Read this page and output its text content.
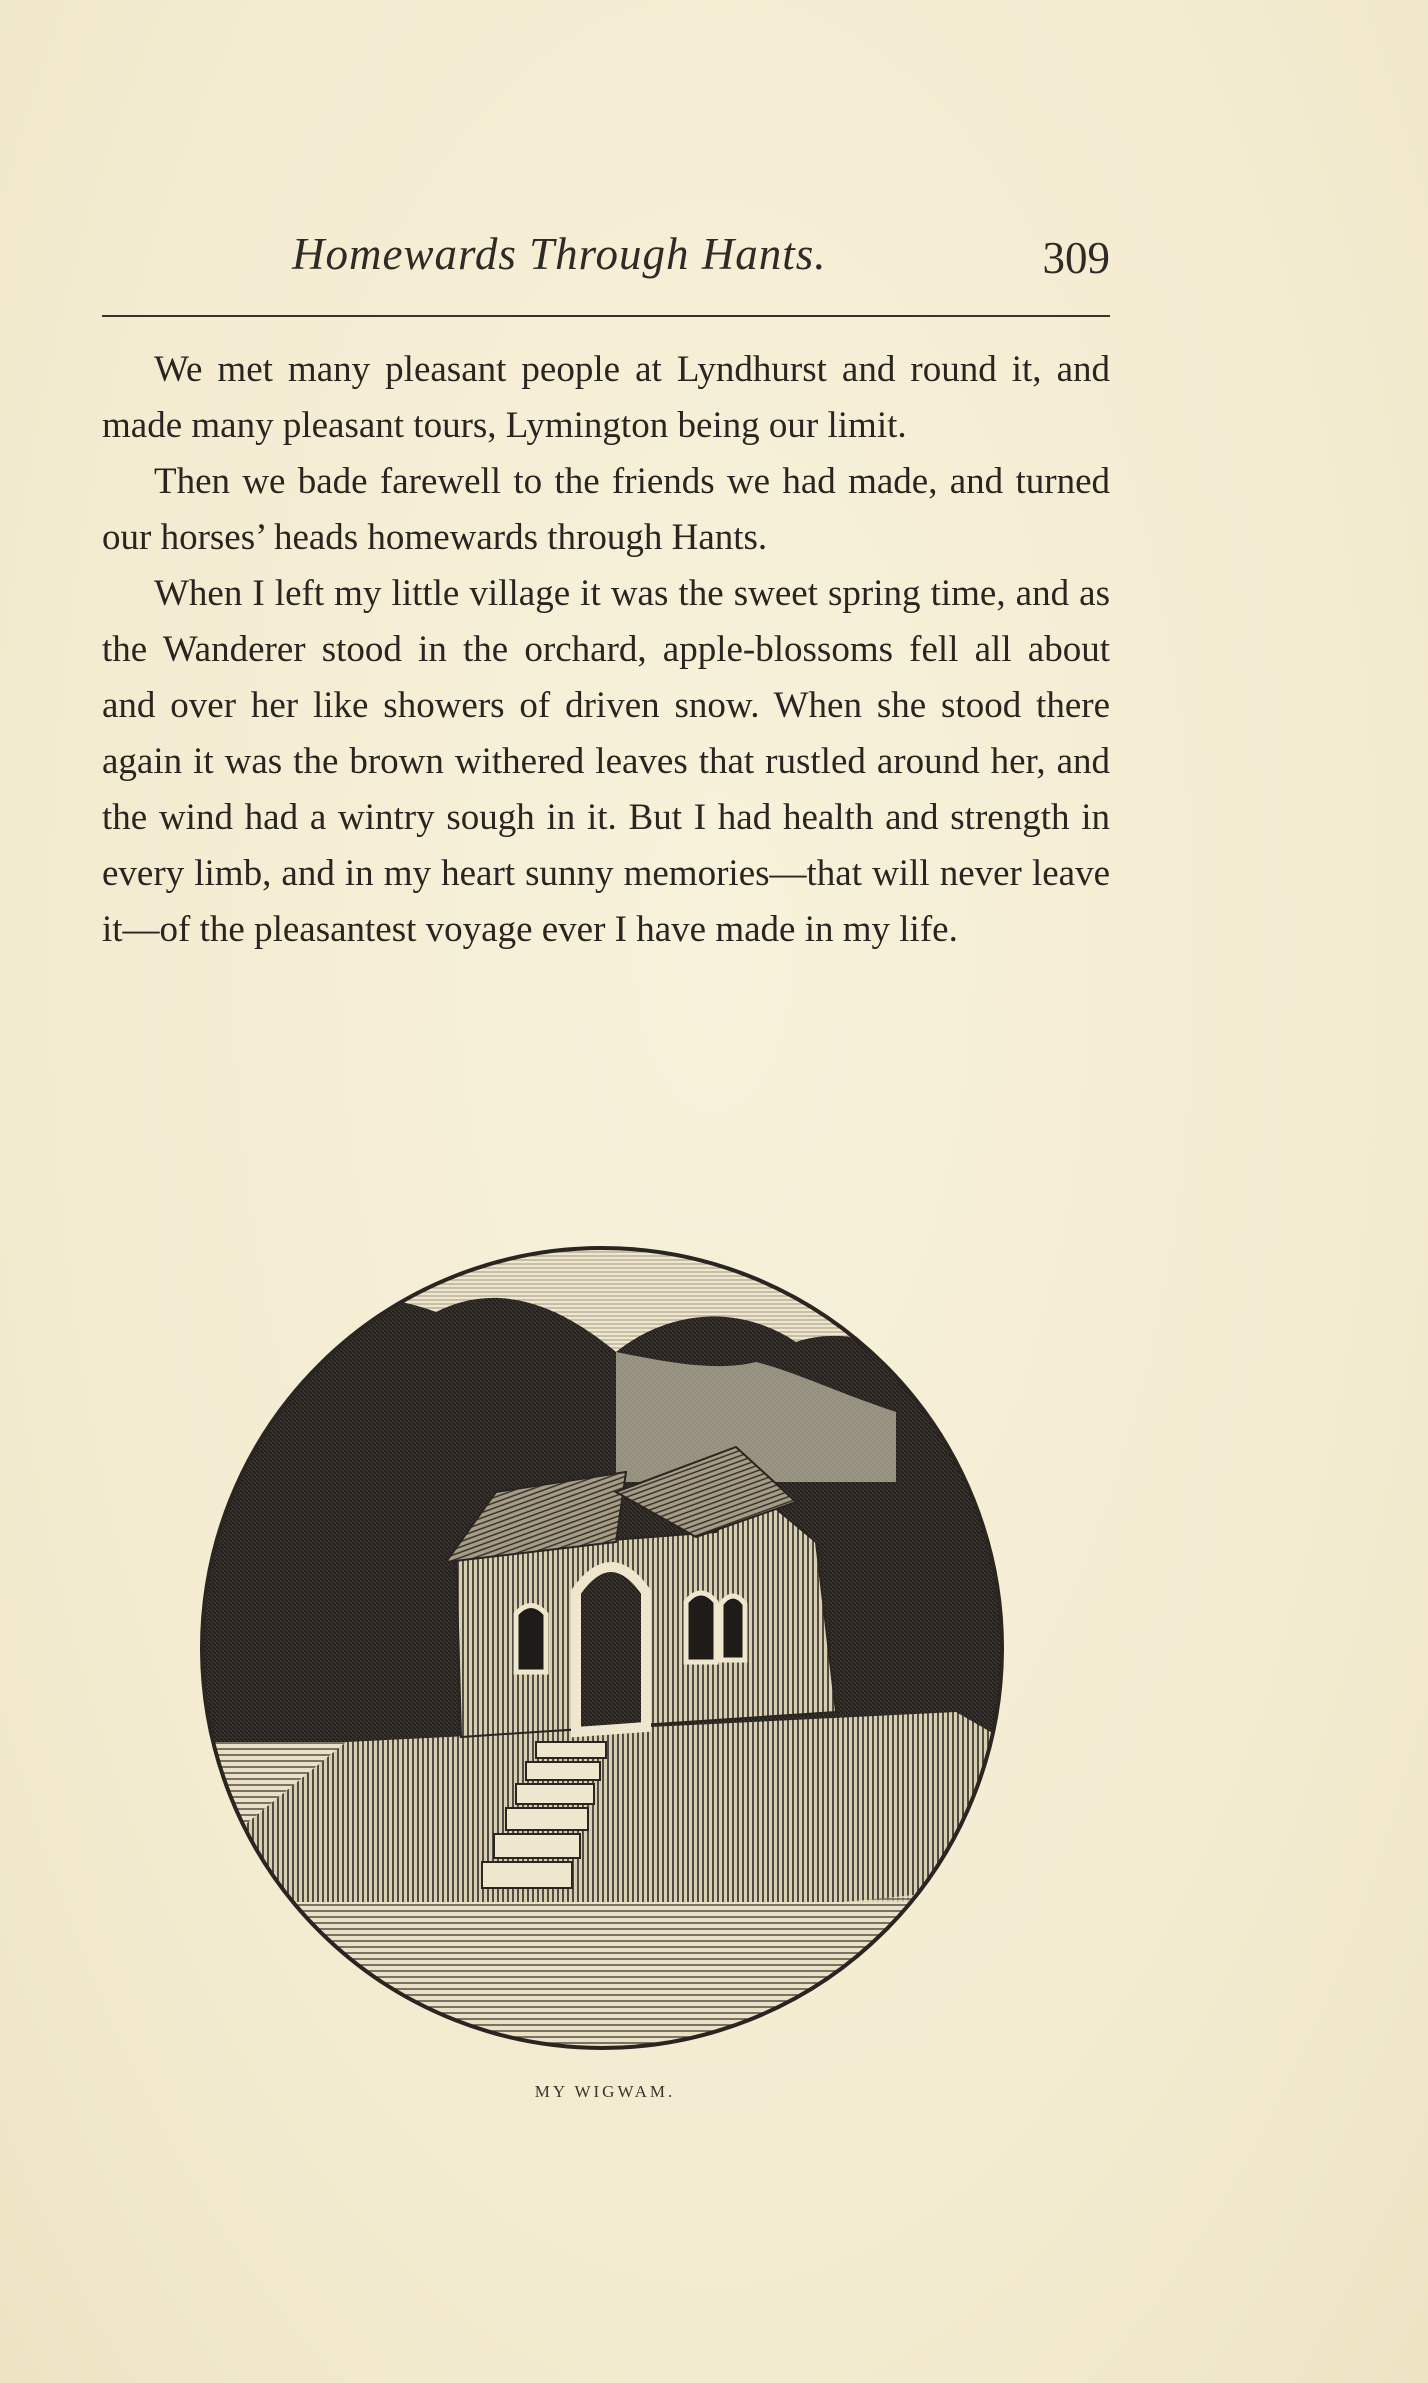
Homewards Through Hants.	309

We met many pleasant people at Lyndhurst and round it, and made many pleasant tours, Lymington being our limit.

Then we bade farewell to the friends we had made, and turned our horses’ heads homewards through Hants.

When I left my little village it was the sweet spring time, and as the Wanderer stood in the orchard, apple-blossoms fell all about and over her like showers of driven snow. When she stood there again it was the brown withered leaves that rustled around her, and the wind had a wintry sough in it. But I had health and strength in every limb, and in my heart sunny memories—that will never leave it—of the pleasantest voyage ever I have made in my life.

MY WIGWAM.
